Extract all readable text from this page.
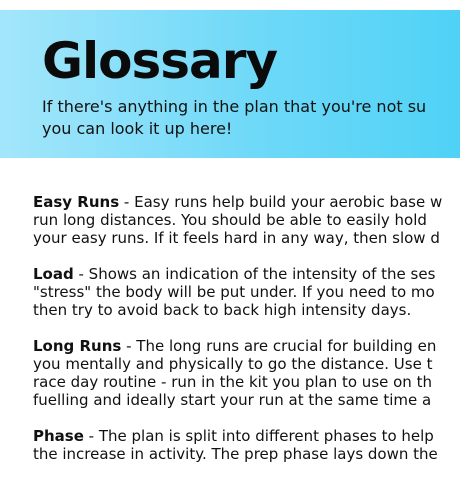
Glossary
If there's anything in the plan that you're not su
you can look it up here!
Easy Runs - Easy runs help build your aerobic base w
run long distances. You should be able to easily hold
your easy runs. If it feels hard in any way, then slow d
Load - Shows an indication of the intensity of the ses
"stress" the body will be put under. If you need to mo
then try to avoid back to back high intensity days.
Long Runs - The long runs are crucial for building en
you mentally and physically to go the distance. Use t
race day routine - run in the kit you plan to use on th
fuelling and ideally start your run at the same time a
Phase - The plan is split into different phases to help
the increase in activity. The prep phase lays down the
